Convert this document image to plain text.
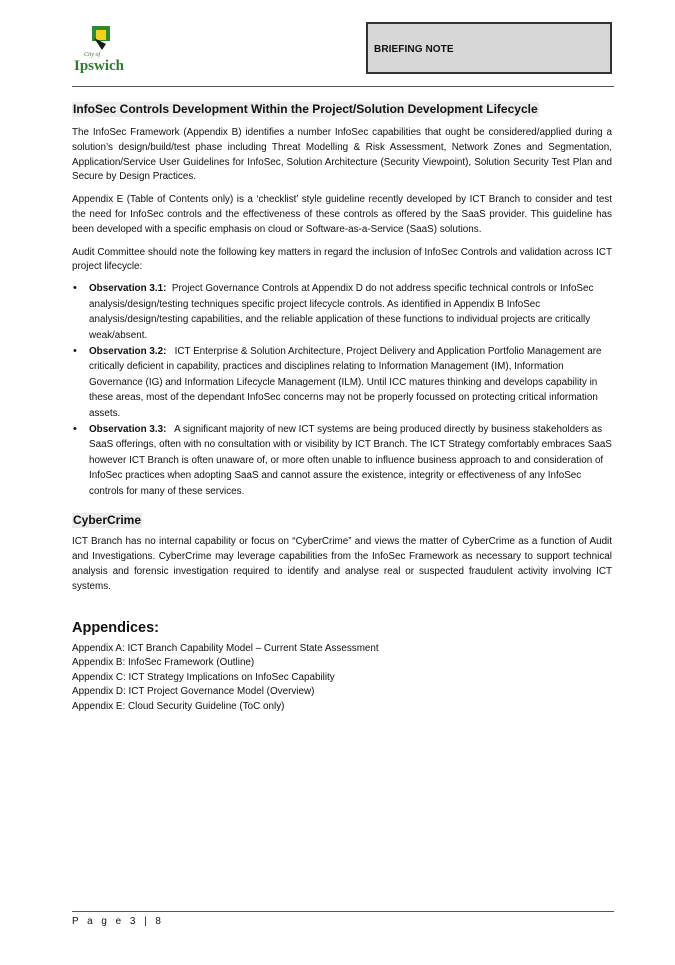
City of
Ipswich
BRIEFING NOTE
InfoSec Controls Development Within the Project/Solution Development Lifecycle

The InfoSec Framework (Appendix B) identifies a number InfoSec capabilities that ought be considered/applied during a solution’s design/build/test phase including Threat Modelling & Risk Assessment, Network Zones and Segmentation, Application/Service User Guidelines for InfoSec, Solution Architecture (Security Viewpoint), Solution Security Test Plan and Secure by Design Practices.

Appendix E (Table of Contents only) is a ‘checklist’ style guideline recently developed by ICT Branch to consider and test the need for InfoSec controls and the effectiveness of these controls as offered by the SaaS provider. This guideline has been developed with a specific emphasis on cloud or Software-as-a-Service (SaaS) solutions.

Audit Committee should note the following key matters in regard the inclusion of InfoSec Controls and validation across ICT project lifecycle:

• Observation 3.1: Project Governance Controls at Appendix D do not address specific technical controls or InfoSec analysis/design/testing techniques specific project lifecycle controls. As identified in Appendix B InfoSec analysis/design/testing capabilities, and the reliable application of these functions to individual projects are critically weak/absent.
• Observation 3.2: ICT Enterprise & Solution Architecture, Project Delivery and Application Portfolio Management are critically deficient in capability, practices and disciplines relating to Information Management (IM), Information Governance (IG) and Information Lifecycle Management (ILM). Until ICC matures thinking and develops capability in these areas, most of the dependant InfoSec concerns may not be properly focussed on protecting critical information assets.
• Observation 3.3: A significant majority of new ICT systems are being produced directly by business stakeholders as SaaS offerings, often with no consultation with or visibility by ICT Branch. The ICT Strategy comfortably embraces SaaS however ICT Branch is often unaware of, or more often unable to influence business approach to and consideration of InfoSec practices when adopting SaaS and cannot assure the existence, integrity or effectiveness of any InfoSec controls for many of these services.
CyberCrime

ICT Branch has no internal capability or focus on “CyberCrime” and views the matter of CyberCrime as a function of Audit and Investigations. CyberCrime may leverage capabilities from the InfoSec Framework as necessary to support technical analysis and forensic investigation required to identify and analyse real or suspected fraudulent activity involving ICT systems.

Appendices:
Appendix A: ICT Branch Capability Model – Current State Assessment
Appendix B: InfoSec Framework (Outline)
Appendix C: ICT Strategy Implications on InfoSec Capability
Appendix D: ICT Project Governance Model (Overview)
Appendix E: Cloud Security Guideline (ToC only)
P a g e 3 | 8
